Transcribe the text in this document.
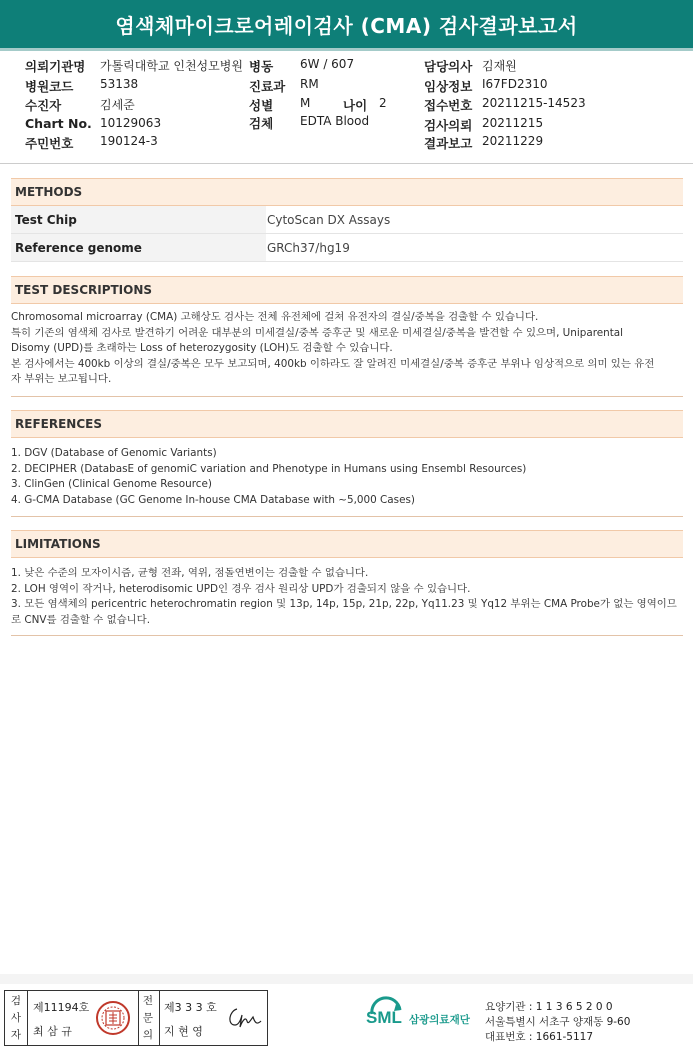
염색체마이크로어레이검사 (CMA) 검사결과보고서
의뢰기관명 가톨릭대학교 인천성모병원
병원코드 53138
수진자	김세준
Chart No. 10129063
주민번호 190124-3
병동 6W / 607
진료과 RM
성별 M	나이 2
검체 EDTA Blood
담당의사 김재원
임상정보 I67FD2310
접수번호 20211215-14523
검사의뢰 20211215
결과보고 20211229
METHODS
Test Chip	CytoScan DX Assays
Reference genome	GRCh37/hg19
TEST DESCRIPTIONS

Chromosomal microarray (CMA) 고해상도 검사는 전체 유전체에 걸쳐 유전자의 결실/중복을 검출할 수 있습니다.

특히 기존의 염색체 검사로 발견하기 어려운 대부분의 미세결실/중복 증후군 및 새로운 미세결실/중복을 발견할 수 있으며, Uniparental

Disomy (UPD)를 초래하는 Loss of heterozygosity (LOH)도 검출할 수 있습니다.

본 검사에서는 400kb 이상의 결실/중복은 모두 보고되며, 400kb 이하라도 잘 알려진 미세결실/중복 증후군 부위나 임상적으로 의미 있는 유전

자 부위는 보고됩니다.

REFERENCES

1. DGV (Database of Genomic Variants)

2. DECIPHER (DatabasE of genomiC variation and Phenotype in Humans using Ensembl Resources)

3. ClinGen (Clinical Genome Resource)

4. G-CMA Database (GC Genome In-house CMA Database with ~5,000 Cases)

LIMITATIONS

1. 낮은 수준의 모자이시즘, 균형 전좌, 역위, 점돌연변이는 검출할 수 없습니다.

2. LOH 영역이 작거나, heterodisomic UPD인 경우 검사 원리상 UPD가 검출되지 않을 수 있습니다.

3. 모든 염색체의 pericentric heterochromatin region 및 13p, 14p, 15p, 21p, 22p, Yq11.23 및 Yq12 부위는 CMA Probe가 없는 영역이므

로 CNV를 검출할 수 없습니다.

검
사
자
제11194호
최 삼 규
전
문
의
제3 3 3 호
지 현 영
SML 삼광의료재단
요양기관 : 1 1 3 6 5 2 0 0
서울특별시 서초구 양재동 9-60
대표번호 : 1661-5117
